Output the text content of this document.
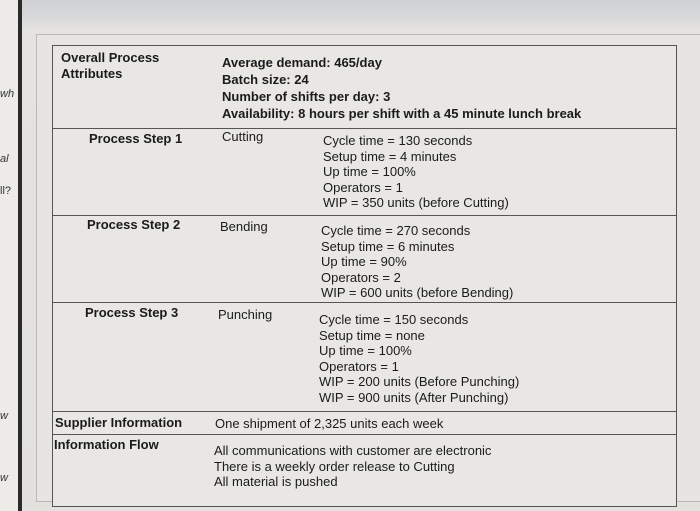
wh
al
ll?
w
w
Overall Process
Attributes
Average demand: 465/day
Batch size: 24
Number of shifts per day: 3
Availability: 8 hours per shift with a 45 minute lunch break
Process Step 1	Cutting	Cycle time = 130 seconds
Setup time = 4 minutes
Up time = 100%
Operators = 1
WIP = 350 units (before Cutting)
Process Step 2	Bending	Cycle time = 270 seconds
Setup time = 6 minutes
Up time = 90%
Operators = 2
WIP = 600 units (before Bending)
Process Step 3	Punching	Cycle time = 150 seconds
Setup time = none
Up time = 100%
Operators = 1
WIP = 200 units (Before Punching)
WIP = 900 units (After Punching)
Supplier Information	One shipment of 2,325 units each week
Information Flow	All communications with customer are electronic
There is a weekly order release to Cutting
All material is pushed
